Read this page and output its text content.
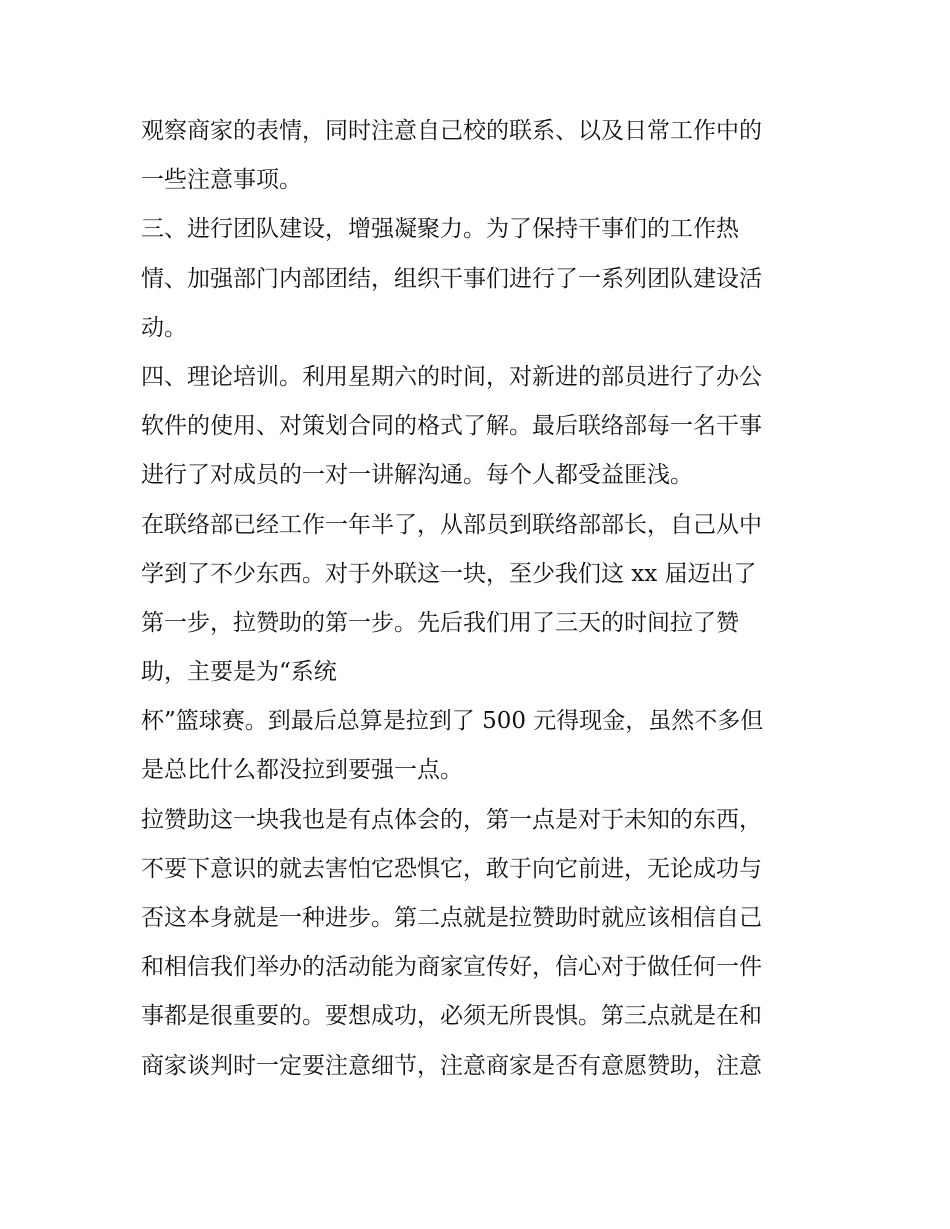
观察商家的表情，同时注意自己校的联系、以及日常工作中的
一些注意事项。
三、进行团队建设，增强凝聚力。为了保持干事们的工作热
情、加强部门内部团结，组织干事们进行了一系列团队建设活
动。
四、理论培训。利用星期六的时间，对新进的部员进行了办公
软件的使用、对策划合同的格式了解。最后联络部每一名干事
进行了对成员的一对一讲解沟通。每个人都受益匪浅。
在联络部已经工作一年半了，从部员到联络部部长，自己从中
学到了不少东西。对于外联这一块，至少我们这 xx 届迈出了
第一步，拉赞助的第一步。先后我们用了三天的时间拉了赞
助，主要是为“系统
杯”篮球赛。到最后总算是拉到了 500 元得现金，虽然不多但
是总比什么都没拉到要强一点。
拉赞助这一块我也是有点体会的，第一点是对于未知的东西，
不要下意识的就去害怕它恐惧它，敢于向它前进，无论成功与
否这本身就是一种进步。第二点就是拉赞助时就应该相信自己
和相信我们举办的活动能为商家宣传好，信心对于做任何一件
事都是很重要的。要想成功，必须无所畏惧。第三点就是在和
商家谈判时一定要注意细节，注意商家是否有意愿赞助，注意
